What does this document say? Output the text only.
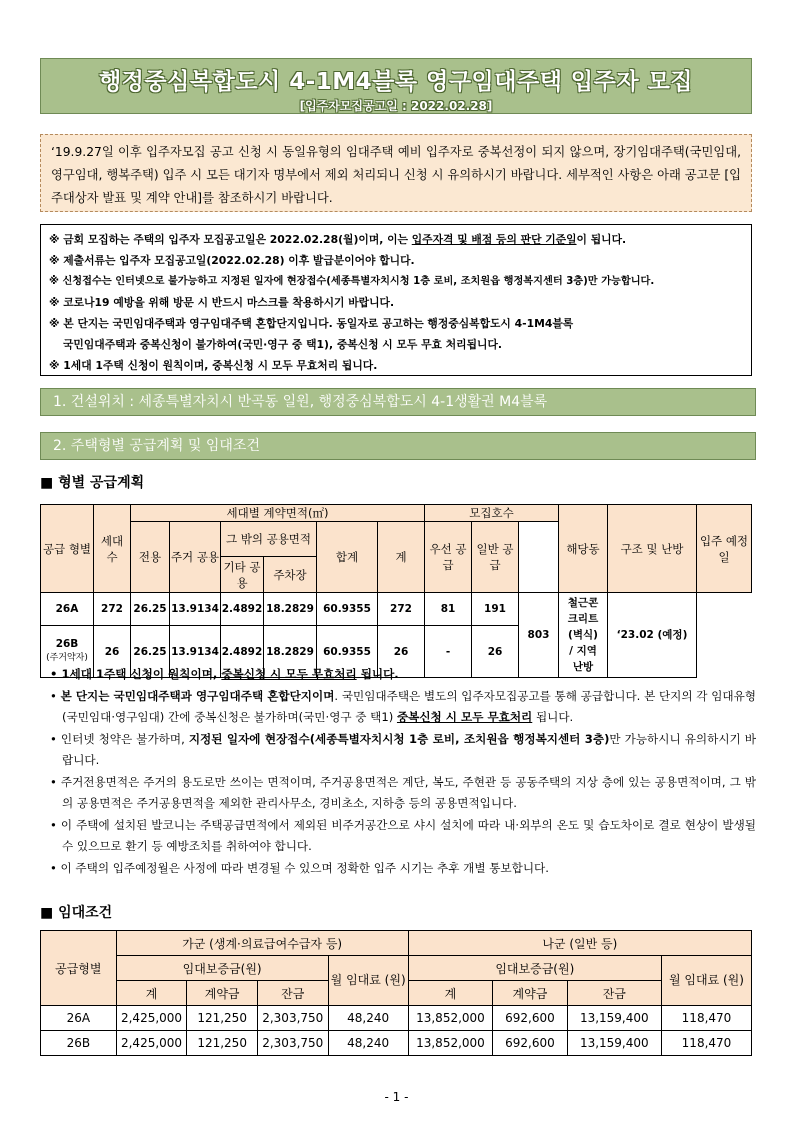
행정중심복합도시 4-1M4블록 영구임대주택 입주자 모집
[입주자모집공고일 : 2022.02.28]
‘19.9.27일 이후 입주자모집 공고 신청 시 동일유형의 임대주택 예비 입주자로 중복선정이 되지 않으며, 장기임대주택(국민임대, 영구임대, 행복주택) 입주 시 모든 대기자 명부에서 제외 처리되니 신청 시 유의하시기 바랍니다. 세부적인 사항은 아래 공고문 [입주대상자 발표 및 계약 안내]를 참조하시기 바랍니다.
※ 금회 모집하는 주택의 입주자 모집공고일은 2022.02.28(월)이며, 이는 입주자격 및 배점 등의 판단 기준일이 됩니다.
※ 제출서류는 입주자 모집공고일(2022.02.28) 이후 발급분이어야 합니다.
※ 신청접수는 인터넷으로 불가능하고 지정된 일자에 현장접수(세종특별자치시청 1층 로비, 조치원읍 행정복지센터 3층)만 가능합니다.
※ 코로나19 예방을 위해 방문 시 반드시 마스크를 착용하시기 바랍니다.
※ 본 단지는 국민임대주택과 영구임대주택 혼합단지입니다. 동일자로 공고하는 행정중심복합도시 4-1M4블록
국민임대주택과 중복신청이 불가하여(국민·영구 중 택1), 중복신청 시 모두 무효 처리됩니다.
※ 1세대 1주택 신청이 원칙이며, 중복신청 시 모두 무효처리 됩니다.
1. 건설위치 : 세종특별자치시 반곡동 일원, 행정중심복합도시 4-1생활권 M4블록
2. 주택형별 공급계획 및 임대조건
■ 형별 공급계획
공급 형별	세대 수	세대별 계약면적(㎡)						모집호수			해당동	구조 및 난방	입주 예정일
		전용	주거 공용	그 밖의 공용면적		합계	계	우선 공급	일반 공급				

				기타 공용	주차장								
26A	272	26.25	13.9134	2.4892	18.2829	60.9355	272	81	191	803	철근콘크리트 (벽식) / 지역난방	‘23.02 (예정)	
26B
(주거약자)	26	26.25	13.9134	2.4892	18.2829	60.9355	26	-	26				
• 1세대 1주택 신청이 원칙이며, 중복신청 시 모두 무효처리 됩니다.
• 본 단지는 국민임대주택과 영구임대주택 혼합단지이며. 국민임대주택은 별도의 입주자모집공고를 통해 공급합니다. 본 단지의 각 임대유형(국민임대·영구임대) 간에 중복신청은 불가하며(국민·영구 중 택1) 중복신청 시 모두 무효처리 됩니다.
• 인터넷 청약은 불가하며, 지정된 일자에 현장접수(세종특별자치시청 1층 로비, 조치원읍 행정복지센터 3층)만 가능하시니 유의하시기 바랍니다.
• 주거전용면적은 주거의 용도로만 쓰이는 면적이며, 주거공용면적은 계단, 복도, 주현관 등 공동주택의 지상 층에 있는 공용면적이며, 그 밖의 공용면적은 주거공용면적을 제외한 관리사무소, 경비초소, 지하층 등의 공용면적입니다.
• 이 주택에 설치된 발코니는 주택공급면적에서 제외된 비주거공간으로 샤시 설치에 따라 내·외부의 온도 및 습도차이로 결로 현상이 발생될 수 있으므로 환기 등 예방조치를 취하여야 합니다.
• 이 주택의 입주예정월은 사정에 따라 변경될 수 있으며 정확한 입주 시기는 추후 개별 통보합니다.
■ 임대조건
공급형별	가군 (생계·의료급여수급자 등)				나군 (일반 등)			
	임대보증금(원)			월 임대료 (원)	임대보증금(원)			월 임대료 (원)
	계	계약금	잔금		계	계약금	잔금	
26A	2,425,000	121,250	2,303,750	48,240	13,852,000	692,600	13,159,400	118,470
26B	2,425,000	121,250	2,303,750	48,240	13,852,000	692,600	13,159,400	118,470
- 1 -
